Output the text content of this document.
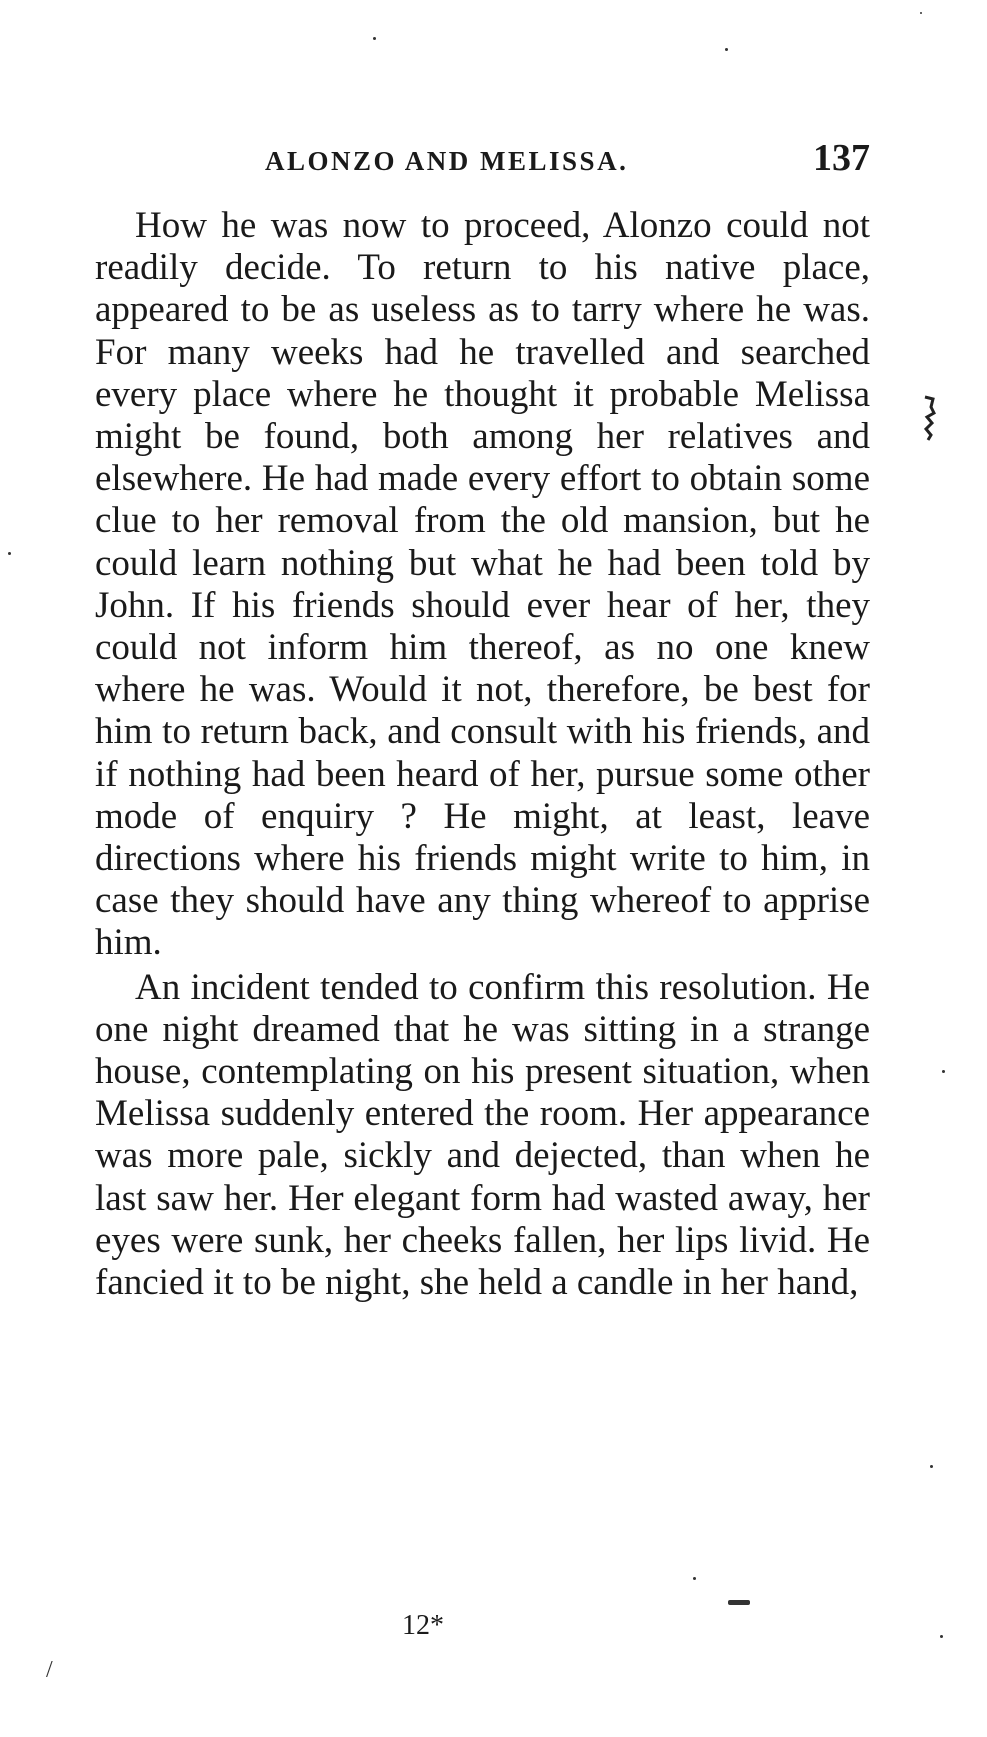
ALONZO AND MELISSA.	137

How he was now to proceed, Alonzo could not readily decide. To return to his native place, appeared to be as useless as to tarry where he was. For many weeks had he travelled and searched every place where he thought it probable Melissa might be found, both among her relatives and elsewhere. He had made every effort to obtain some clue to her removal from the old mansion, but he could learn nothing but what he had been told by John. If his friends should ever hear of her, they could not inform him thereof, as no one knew where he was. Would it not, therefore, be best for him to return back, and consult with his friends, and if nothing had been heard of her, pursue some other mode of enquiry ? He might, at least, leave directions where his friends might write to him, in case they should have any thing whereof to apprise him.

An incident tended to confirm this resolution. He one night dreamed that he was sitting in a strange house, contemplating on his present situation, when Melissa suddenly entered the room. Her appearance was more pale, sickly and dejected, than when he last saw her. Her elegant form had wasted away, her eyes were sunk, her cheeks fallen, her lips livid. He fancied it to be night, she held a candle in her hand,

12*
/
